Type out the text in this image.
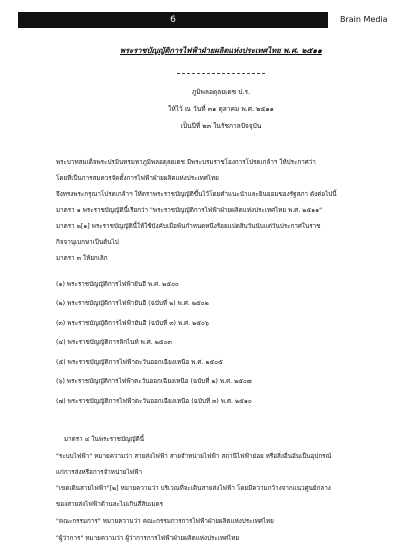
6	Brain Media
พระราชบัญญัติการไฟฟ้าฝ่ายผลิตแห่งประเทศไทย พ.ศ. ๒๕๑๑
ภูมิพลอดุลยเดช ป.ร.
ให้ไว้ ณ วันที่ ๓๑ ตุลาคม พ.ศ. ๒๕๑๑
เป็นปีที่ ๒๓ ในรัชกาลปัจจุบัน
พระบาทสมเด็จพระปรมินทรมหาภูมิพลอดุลยเดช มีพระบรมราชโองการโปรดเกล้าฯ ให้ประกาศว่า
โดยที่เป็นการสมควรจัดตั้งการไฟฟ้าฝ่ายผลิตแห่งประเทศไทย
จึงทรงพระกรุณาโปรดเกล้าฯ ให้ตราพระราชบัญญัติขึ้นไว้โดยคำแนะนำและยินยอมของรัฐสภา ดังต่อไปนี้
มาตรา ๑ พระราชบัญญัตินี้เรียกว่า "พระราชบัญญัติการไฟฟ้าฝ่ายผลิตแห่งประเทศไทย พ.ศ. ๒๕๑๑"
มาตรา ๒[๑] พระราชบัญญัตินี้ให้ใช้บังคับเมื่อพ้นกำหนดหนึ่งร้อยแปดสิบวันนับแต่วันประกาศในราช
กิจจานุเบกษาเป็นต้นไป
มาตรา ๓ ให้ยกเลิก
(๑) พระราชบัญญัติการไฟฟ้ายันฮี พ.ศ. ๒๕๐๐
(๒) พระราชบัญญัติการไฟฟ้ายันฮี (ฉบับที่ ๒) พ.ศ. ๒๕๐๒
(๓) พระราชบัญญัติการไฟฟ้ายันฮี (ฉบับที่ ๓) พ.ศ. ๒๕๐๖
(๔) พระราชบัญญัติการลิกไนท์ พ.ศ. ๒๕๐๓
(๕) พระราชบัญญัติการไฟฟ้าตะวันออกเฉียงเหนือ พ.ศ. ๒๕๐๕
(๖) พระราชบัญญัติการไฟฟ้าตะวันออกเฉียงเหนือ (ฉบับที่ ๒) พ.ศ. ๒๕๐๗
(๗) พระราชบัญญัติการไฟฟ้าตะวันออกเฉียงเหนือ (ฉบับที่ ๓) พ.ศ. ๒๕๑๐
มาตรา ๔ ในพระราชบัญญัตินี้
"ระบบไฟฟ้า" หมายความว่า สายส่งไฟฟ้า สายจำหน่ายไฟฟ้า สถานีไฟฟ้าย่อย หรือสิ่งอื่นอันเป็นอุปกรณ์
แก่การส่งหรือการจำหน่ายไฟฟ้า
"เขตเดินสายไฟฟ้า"[๒] หมายความว่า บริเวณที่จะเดินสายส่งไฟฟ้า โดยมีความกว้างจากแนวศูนย์กลาง
ของสายส่งไฟฟ้าด้านละไม่เกินสี่สิบเมตร
"คณะกรรมการ" หมายความว่า คณะกรรมการการไฟฟ้าฝ่ายผลิตแห่งประเทศไทย
"ผู้ว่าการ" หมายความว่า ผู้ว่าการการไฟฟ้าฝ่ายผลิตแห่งประเทศไทย
